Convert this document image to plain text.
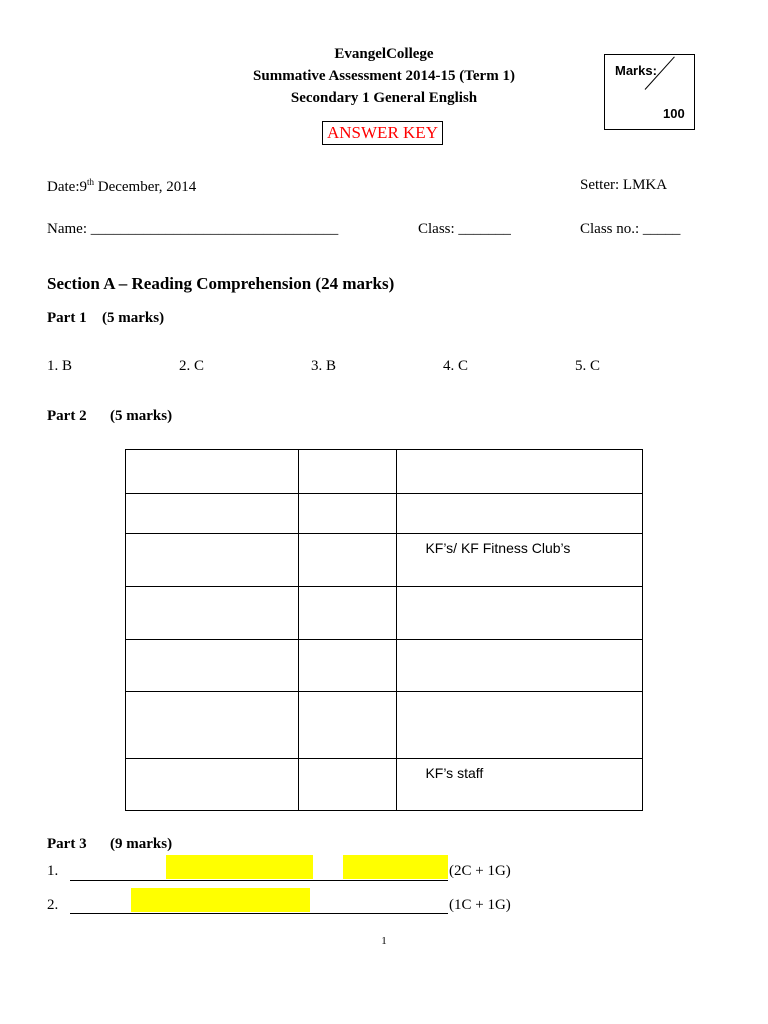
EvangelCollege
Summative Assessment 2014-15 (Term 1)
Secondary 1 General English
ANSWER KEY
Marks:
100
Date:9th December, 2014	Setter: LMKA
Name: _________________________________	Class: _______	Class no.: _____
Section A – Reading Comprehension (24 marks)
Part 1 (5 marks)
1. B	2. C	3. B	4. C	5. C
Part 2 (5 marks)

		KF’s/ KF Fitness Club’s

		KF’s staff
Part 3 (9 marks)
1.	(2C + 1G)
2.	(1C + 1G)
1
